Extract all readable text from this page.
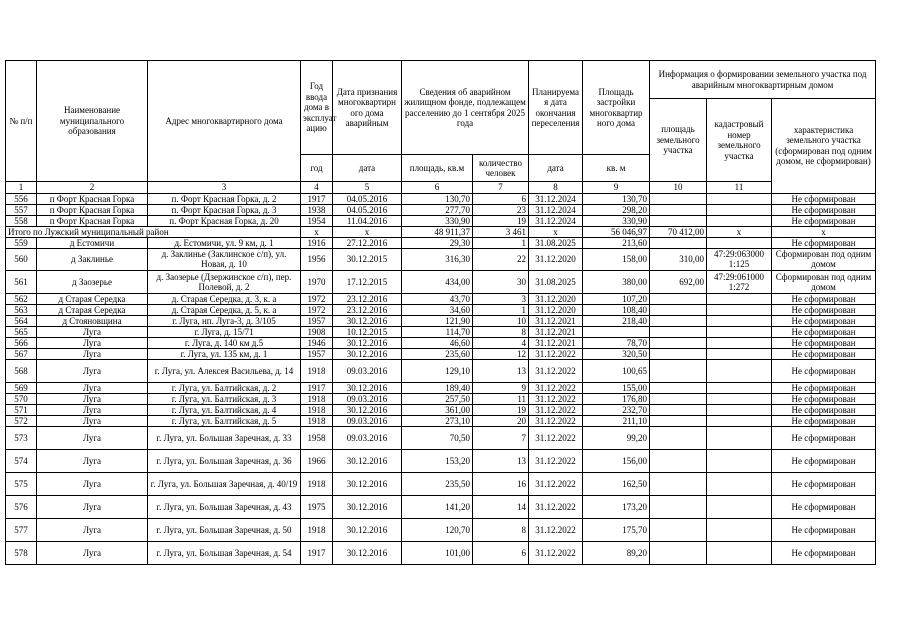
№ п/п	Наименование муниципального образования	Адрес многоквартирного дома	Год ввода дома в эксплуат ацию	Дата признания многоквартирн ого дома аварийным	Сведения об аварийном жилищном фонде, подлежащем расселению до 1 сентября 2025 года		Планируема я дата окончания переселения	Площадь застройки многоквартир ного дома	Информация о формировании земельного участка под аварийным многоквартирным домом			
									площадь земельного участка	кадастровый номер земельного участка	характеристика земельного участка (сформирован под одним домом, не сформирован)	
			год	дата	площадь, кв.м	количество человек	дата	кв. м	
1	2	3	4	5	6	7	8	9	10	11		
556	п Форт Красная Горка	п. Форт Красная Горка, д. 2	1917	04.05.2016	130,70	6	31.12.2024	130,70			Не сформирован	
557	п Форт Красная Горка	п. Форт Красная Горка, д. 3	1938	04.05.2016	277,70	23	31.12.2024	298,20			Не сформирован	
558	п Форт Красная Горка	п. Форт Красная Горка, д. 20	1954	11.04.2016	330,90	19	31.12.2024	330,90			Не сформирован	
Итого по Лужский муниципальный район			x	x	48 911,37	3 461	x	56 046,97	70 412,00	x	x	
559	д Естомичи	д. Естомичи, ул. 9 км, д. 1	1916	27.12.2016	29,30	1	31.08.2025	213,60			Не сформирован	
560	д Заклинье	д. Заклинье (Заклинское с/п), ул. Новая, д. 10	1956	30.12.2015	316,30	22	31.12.2020	158,00	310,00	47:29:063000 1:125	Сформирован под одним домом	
561	д Заозерье	д. Заозерье (Дзержинское с/п), пер. Полевой, д. 2	1970	17.12.2015	434,00	30	31.08.2025	380,00	692,00	47:29:061000 1:272	Сформирован под одним домом	
562	д Старая Середка	д. Старая Середка, д. 3, к. а	1972	23.12.2016	43,70	3	31.12.2020	107,20			Не сформирован	
563	д Старая Середка	д. Старая Середка, д. 5, к. а	1972	23.12.2016	34,60	1	31.12.2020	108,40			Не сформирован	
564	д Стояновщина	г. Луга, нп. Луга-3, д. 3/105	1957	30.12.2016	121,90	10	31.12.2021	218,40			Не сформирован	
565	Луга	г. Луга, д. 15/71	1908	10.12.2015	114,70	8	31.12.2021				Не сформирован	
566	Луга	г. Луга, д. 140 км д.5	1946	30.12.2016	46,60	4	31.12.2021	78,70			Не сформирован	
567	Луга	г. Луга, ул. 135 км, д. 1	1957	30.12.2016	235,60	12	31.12.2022	320,50			Не сформирован	
568	Луга	г. Луга, ул. Алексея Васильева, д. 14	1918	09.03.2016	129,10	13	31.12.2022	100,65			Не сформирован	
569	Луга	г. Луга, ул. Балтийская, д. 2	1917	30.12.2016	189,40	9	31.12.2022	155,00			Не сформирован	
570	Луга	г. Луга, ул. Балтийская, д. 3	1918	09.03.2016	257,50	11	31.12.2022	176,80			Не сформирован	
571	Луга	г. Луга, ул. Балтийская, д. 4	1918	30.12.2016	361,00	19	31.12.2022	232,70			Не сформирован	
572	Луга	г. Луга, ул. Балтийская, д. 5	1918	09.03.2016	273,10	20	31.12.2022	211,10			Не сформирован	
573	Луга	г. Луга, ул. Большая Заречная, д. 33	1958	09.03.2016	70,50	7	31.12.2022	99,20			Не сформирован	
574	Луга	г. Луга, ул. Большая Заречная, д. 36	1966	30.12.2016	153,20	13	31.12.2022	156,00			Не сформирован	
575	Луга	г. Луга, ул. Большая Заречная, д. 40/19	1918	30.12.2016	235,50	16	31.12.2022	162,50			Не сформирован	
576	Луга	г. Луга, ул. Большая Заречная, д. 43	1975	30.12.2016	141,20	14	31.12.2022	173,20			Не сформирован	
577	Луга	г. Луга, ул. Большая Заречная, д. 50	1918	30.12.2016	120,70	8	31.12.2022	175,70			Не сформирован	
578	Луга	г. Луга, ул. Большая Заречная, д. 54	1917	30.12.2016	101,00	6	31.12.2022	89,20			Не сформирован	
